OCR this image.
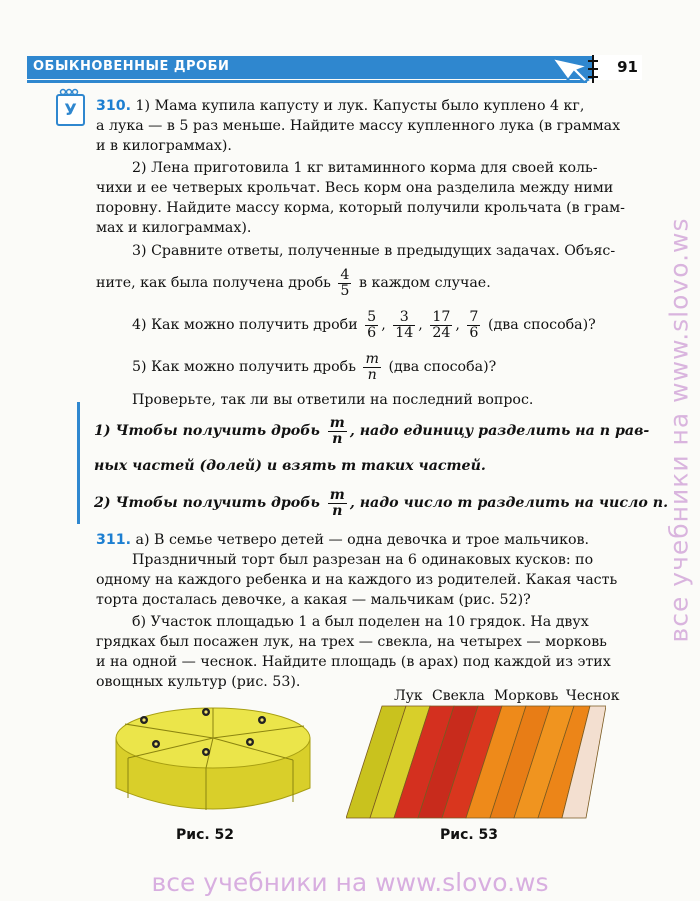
ОБЫКНОВЕННЫЕ ДРОБИ	91
У	310. 1) Мама купила капусту и лук. Капусты было куплено 4 кг,
а лука — в 5 раз меньше. Найдите массу купленного лука (в граммах
и в килограммах).
2) Лена приготовила 1 кг витаминного корма для своей коль-
чихи и ее четверых крольчат. Весь корм она разделила между ними
поровну. Найдите массу корма, который получили крольчата (в грам-
мах и килограммах).
3) Сравните ответы, полученные в предыдущих задачах. Объяс-
ните, как была получена дробь $\frac{4}{5}$ в каждом случае.
4) Как можно получить дроби $\frac{5}{6}$ , $\frac{3}{14}$ , $\frac{17}{24}$ , $\frac{7}{6} (два$ способа)?
5) Как можно получить дробь $\frac{m}{n} (два$ способа)?
Проверьте, так ли вы ответили на последний вопрос.
1) Чтобы получить дробь $\frac{m}{n}$ , надо единицу разделить на n рав-
ных частей (долей) и взять m таких частей.
2) Чтобы получить дробь $\frac{m}{n}$ , надо число m разделить на число n.
311. а) В семье четверо детей — одна девочка и трое мальчиков.
Праздничный торт был разрезан на 6 одинаковых кусков: по
одному на каждого ребенка и на каждого из родителей. Какая часть
торта досталась девочке, а какая — мальчикам (рис. 52)?
б) Участок площадью 1 а был поделен на 10 грядок. На двух
грядках был посажен лук, на трех — свекла, на четырех — морковь
и на одной — чеснок. Найдите площадь (в арах) под каждой из этих
овощных культур (рис. 53).
Рис. 52
Лук Свекла Морковь Чеснок
Рис. 53
все учебники на www.slovo.ws
все учебники на www.slovo.ws
